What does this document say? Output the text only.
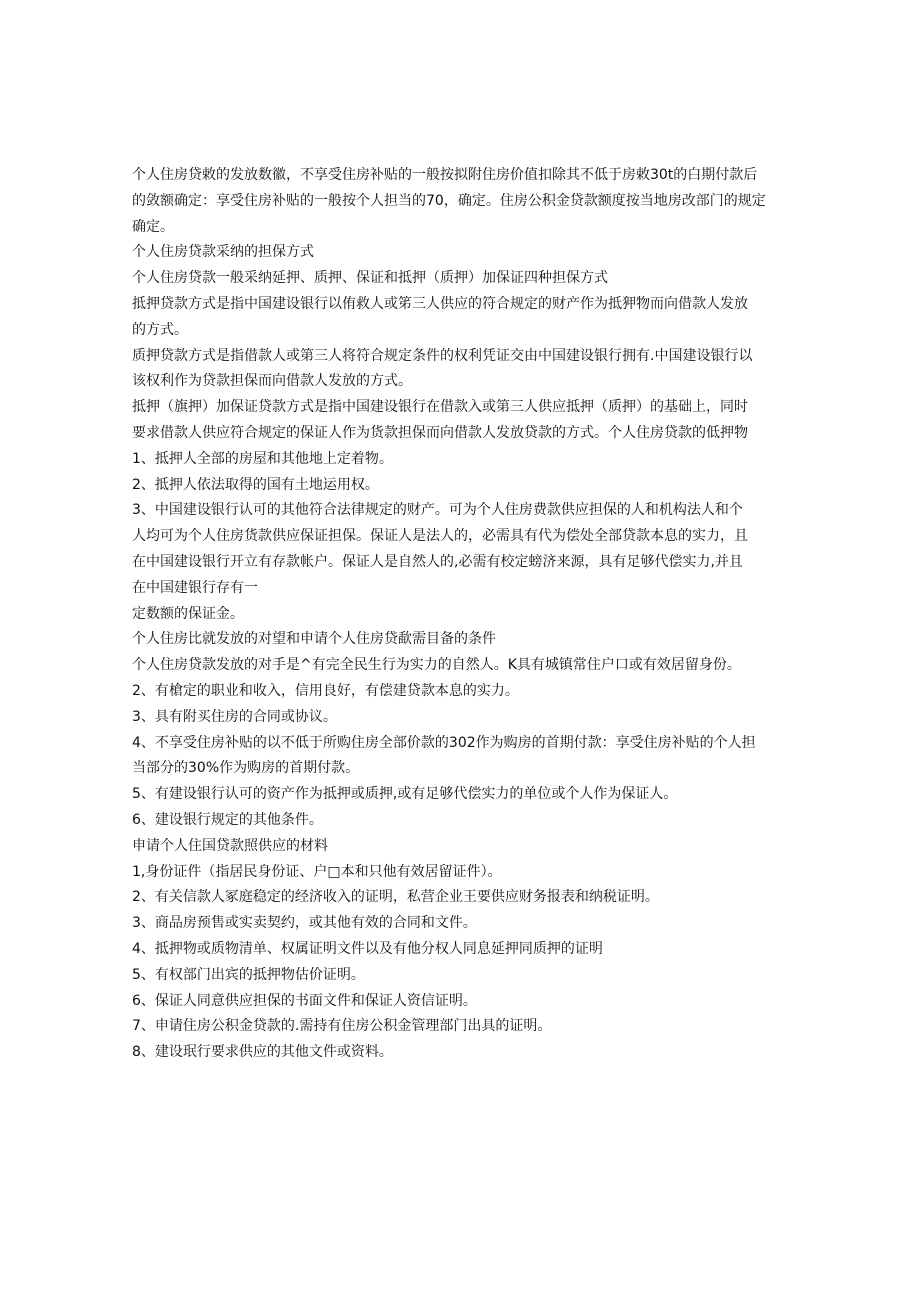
个人住房贷敕的发放数徽，不享受住房补贴的一般按拟附住房价值扣除其不低于房敕30t的白期付款后
的敛额确定：享受住房补贴的一般按个人担当的70，确定。住房公积金贷款额度按当地房改部门的规定
确定。
个人住房贷款采纳的担保方式
个人住房贷款一般采纳延押、质押、保证和抵押（质押）加保证四种担保方式
抵押贷款方式是指中国建设银行以侑救人或笫三人供应的符合规定的财产作为抵狎物而向借款人发放
的方式。
质押贷款方式是指借款人或第三人将符合规定条件的权利凭证交由中国建设银行拥有.中国建设银行以
该权利作为贷款担保而向借款人发放的方式。
抵押（旗押）加保证贷款方式是指中国建设银行在借款入或第三人供应抵押（质押）的基础上，同时
要求借款人供应符合规定的保证人作为货款担保而向借款人发放贷款的方式。个人住房贷款的低押物
1、抵押人全部的房屋和其他地上定着物。
2、抵押人依法取得的国有土地运用权。
3、中国建设银行认可的其他符合法律规定的财产。可为个人住房费款供应担保的人和机构法人和个
人均可为个人住房货款供应保证担保。保证人是法人的，必需具有代为偿处全部贷款本息的实力，且
在中国建设银行开立有存款帐户。保证人是自然人的,必需有校定螃济来源，具有足够代偿实力,并且
在中国建银行存有一
定数额的保证金。
个人住房比就发放的对望和申请个人住房贷歃需目备的条件
个人住房贷款发放的对手是^有完全民生行为实力的自然人。K具有城镇常住户口或有效居留身份。
2、有槍定的职业和收入，信用良好，有偿建贷款本息的实力。
3、具有附买住房的合同或协议。
4、不享受住房补贴的以不低于所购住房全部价款的302作为购房的首期付款：享受住房补贴的个人担
当部分的30%作为购房的首期付款。
5、有建设银行认可的资产作为抵押或质押,或有足够代偿实力的单位或个人作为保证人。
6、建设银行规定的其他条件。
申请个人住国贷款照供应的材料
1,身份证件（指居民身份证、户□本和只他有效居留证件）。
2、有关信款人冢庭稳定的经济收入的证明，私营企业王要供应财务报表和纳税证明。
3、商品房预售或实卖契约，或其他有效的合同和文件。
4、抵押物或质物清单、权属证明文件以及有他分权人同息延押同质押的证明
5、有权部门出宾的抵押物估价证明。
6、保证人同意供应担保的书面文件和保证人资信证明。
7、申请住房公积金贷款的.需持有住房公积金管理部门出具的证明。
8、建设珉行要求供应的其他文件或资料。
